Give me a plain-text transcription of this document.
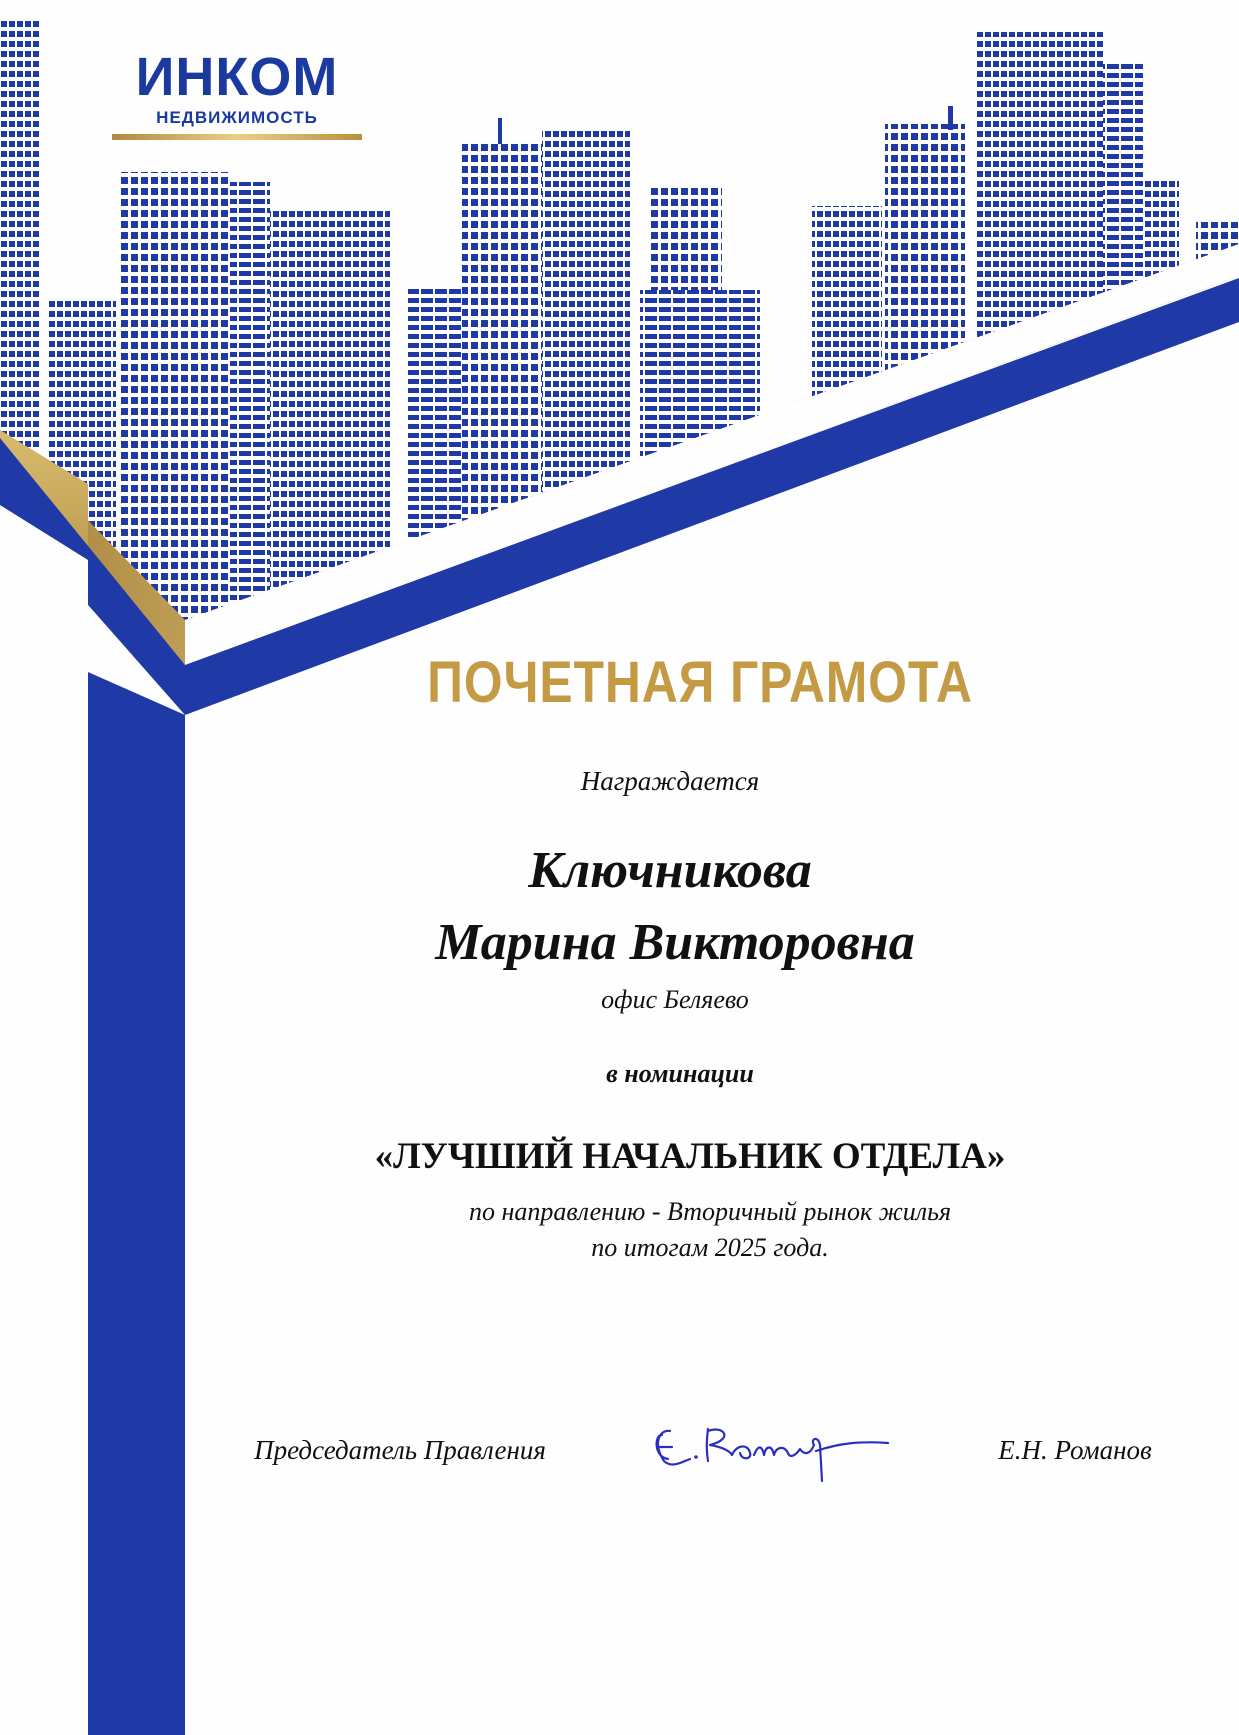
ИНКОМ
НЕДВИЖИМОСТЬ
ПОЧЕТНАЯ ГРАМОТА
Награждается
Ключникова
Марина Викторовна
офис Беляево
в номинации
«ЛУЧШИЙ НАЧАЛЬНИК ОТДЕЛА»
по направлению - Вторичный рынок жилья
по итогам 2025 года.
Председатель Правления	Е.Н. Романов
